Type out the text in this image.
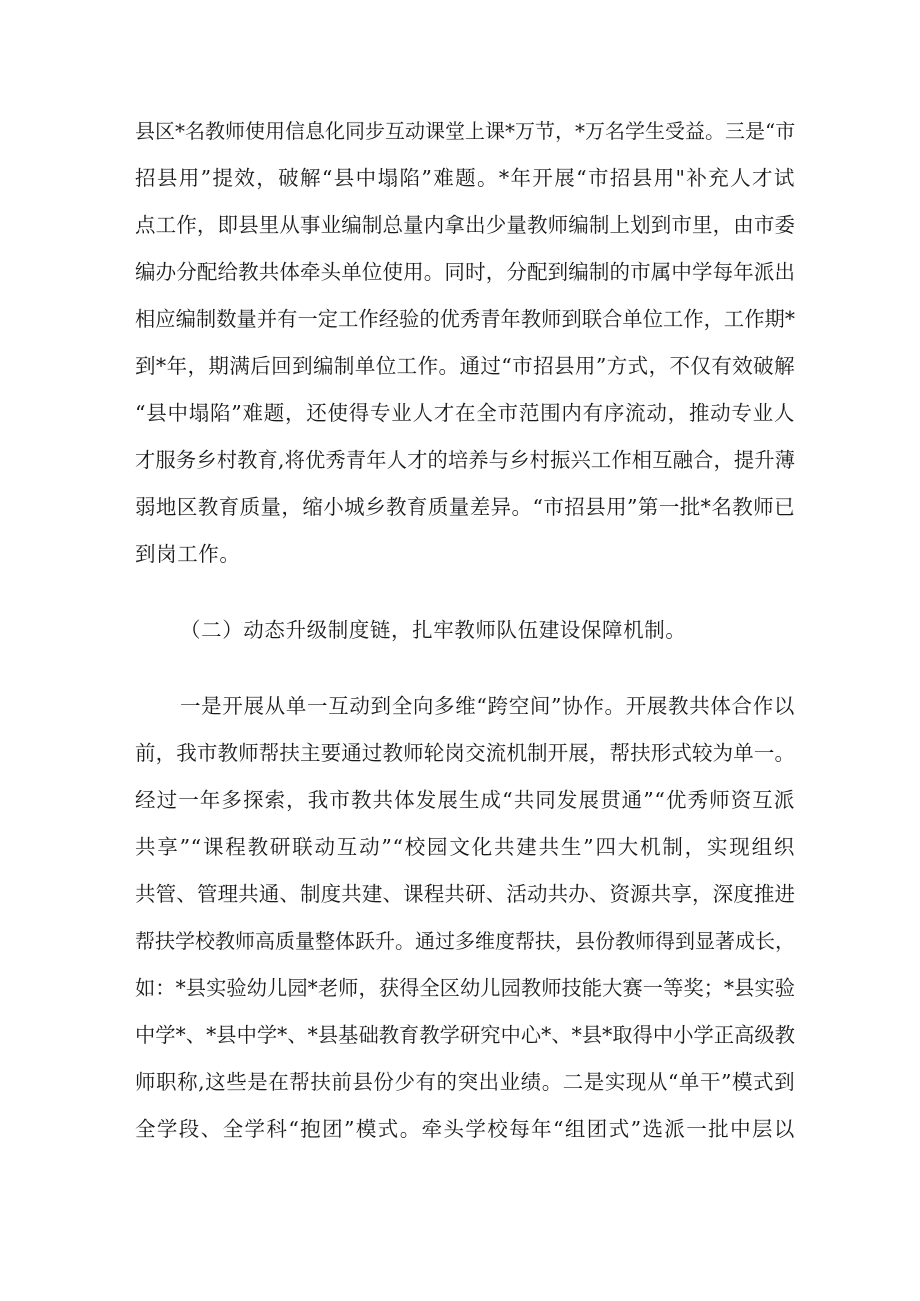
县区*名教师使用信息化同步互动课堂上课*万节，*万名学生受益。三是“市
招县用”提效，破解“县中塌陷”难题。*年开展“市招县用"补充人才试
点工作，即县里从事业编制总量内拿出少量教师编制上划到市里，由市委
编办分配给教共体牵头单位使用。同时，分配到编制的市属中学每年派出
相应编制数量并有一定工作经验的优秀青年教师到联合单位工作，工作期*
到*年，期满后回到编制单位工作。通过“市招县用”方式，不仅有效破解
“县中塌陷”难题，还使得专业人才在全市范围内有序流动，推动专业人
才服务乡村教育,将优秀青年人才的培养与乡村振兴工作相互融合，提升薄
弱地区教育质量，缩小城乡教育质量差异。“市招县用”第一批*名教师已
到岗工作。
（二）动态升级制度链，扎牢教师队伍建设保障机制。
一是开展从单一互动到全向多维“跨空间”协作。开展教共体合作以
前，我市教师帮扶主要通过教师轮岗交流机制开展，帮扶形式较为单一。
经过一年多探索，我市教共体发展生成“共同发展贯通”“优秀师资互派
共享”“课程教研联动互动”“校园文化共建共生”四大机制，实现组织
共管、管理共通、制度共建、课程共研、活动共办、资源共享，深度推进
帮扶学校教师高质量整体跃升。通过多维度帮扶，县份教师得到显著成长，
如：*县实验幼儿园*老师，获得全区幼儿园教师技能大赛一等奖；*县实验
中学*、*县中学*、*县基础教育教学研究中心*、*县*取得中小学正高级教
师职称,这些是在帮扶前县份少有的突出业绩。二是实现从“单干”模式到
全学段、全学科“抱团”模式。牵头学校每年“组团式”选派一批中层以
